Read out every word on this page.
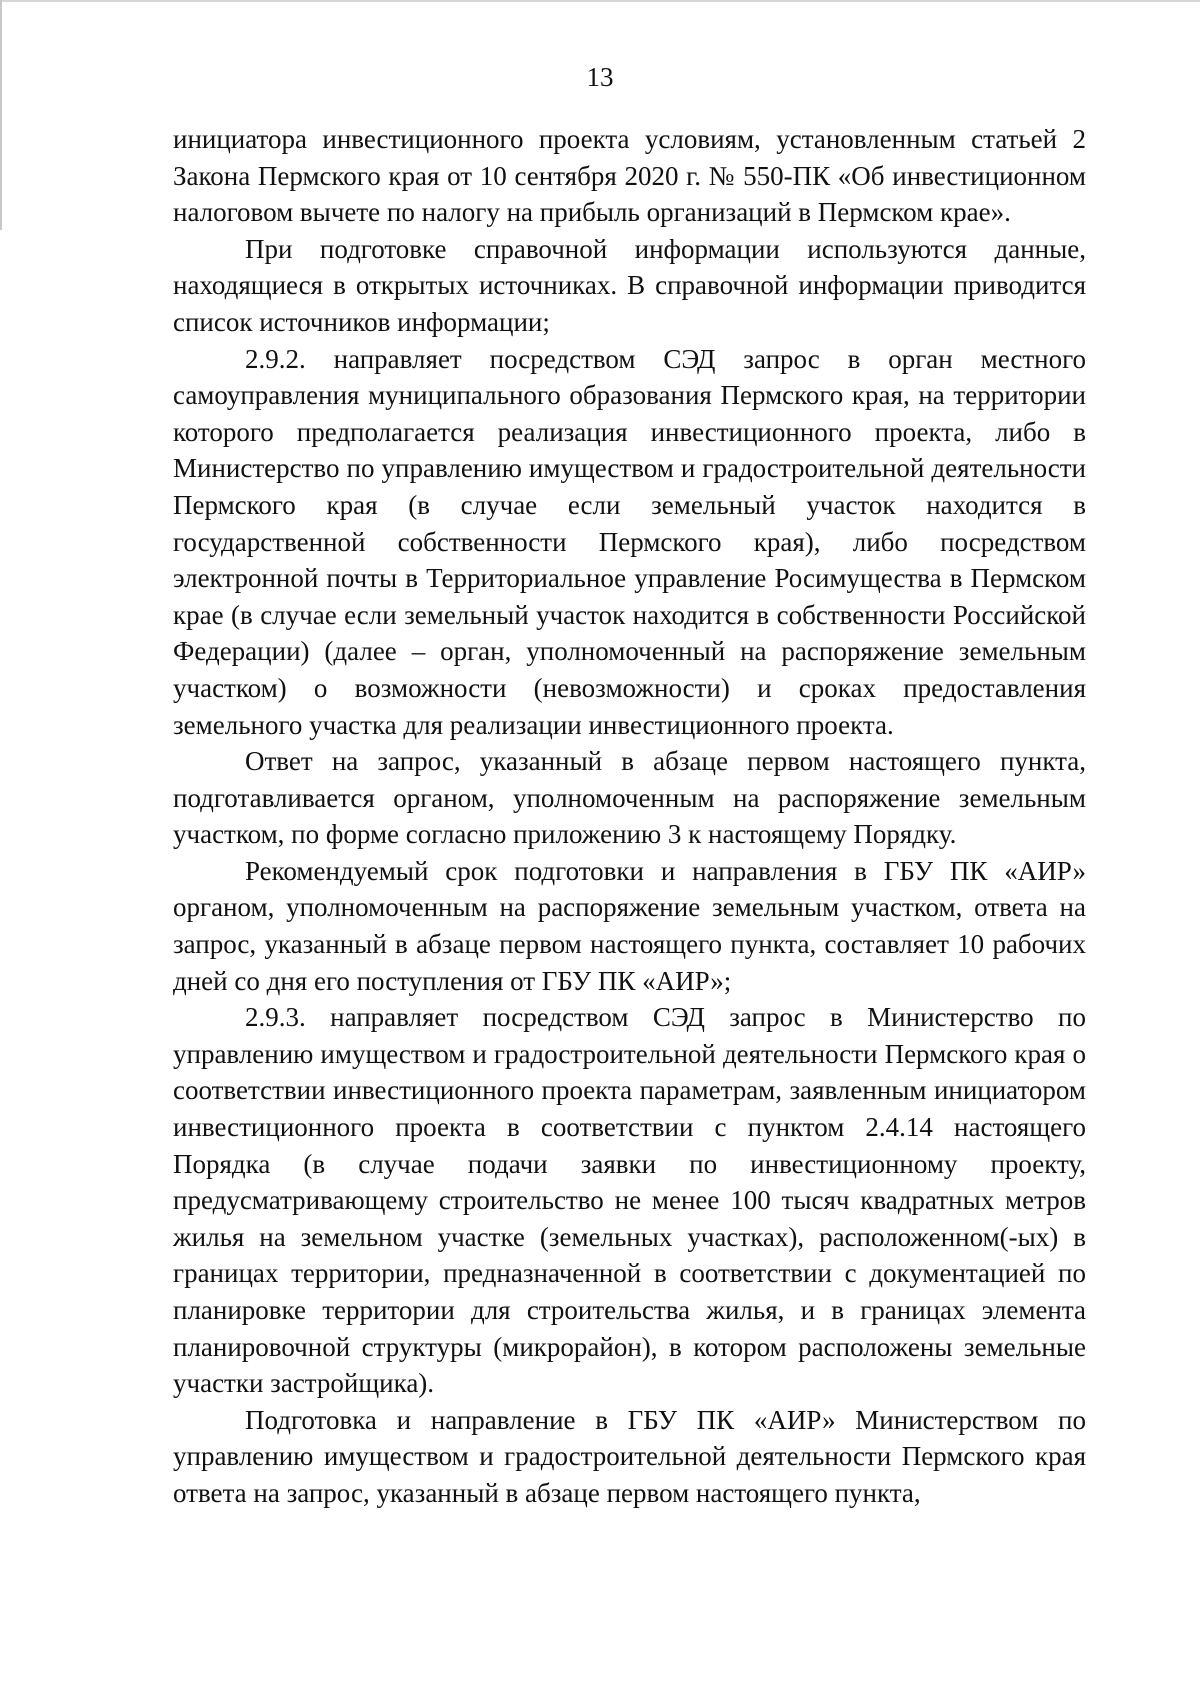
13

инициатора инвестиционного проекта условиям, установленным статьей 2 Закона Пермского края от 10 сентября 2020 г. № 550-ПК «Об инвестиционном налоговом вычете по налогу на прибыль организаций в Пермском крае».

При подготовке справочной информации используются данные, находящиеся в открытых источниках. В справочной информации приводится список источников информации;

2.9.2. направляет посредством СЭД запрос в орган местного самоуправления муниципального образования Пермского края, на территории которого предполагается реализация инвестиционного проекта, либо в Министерство по управлению имуществом и градостроительной деятельности Пермского края (в случае если земельный участок находится в государственной собственности Пермского края), либо посредством электронной почты в Территориальное управление Росимущества в Пермском крае (в случае если земельный участок находится в собственности Российской Федерации) (далее – орган, уполномоченный на распоряжение земельным участком) о возможности (невозможности) и сроках предоставления земельного участка для реализации инвестиционного проекта.

Ответ на запрос, указанный в абзаце первом настоящего пункта, подготавливается органом, уполномоченным на распоряжение земельным участком, по форме согласно приложению 3 к настоящему Порядку.

Рекомендуемый срок подготовки и направления в ГБУ ПК «АИР» органом, уполномоченным на распоряжение земельным участком, ответа на запрос, указанный в абзаце первом настоящего пункта, составляет 10 рабочих дней со дня его поступления от ГБУ ПК «АИР»;

2.9.3. направляет посредством СЭД запрос в Министерство по управлению имуществом и градостроительной деятельности Пермского края о соответствии инвестиционного проекта параметрам, заявленным инициатором инвестиционного проекта в соответствии с пунктом 2.4.14 настоящего Порядка (в случае подачи заявки по инвестиционному проекту, предусматривающему строительство не менее 100 тысяч квадратных метров жилья на земельном участке (земельных участках), расположенном(-ых) в границах территории, предназначенной в соответствии с документацией по планировке территории для строительства жилья, и в границах элемента планировочной структуры (микрорайон), в котором расположены земельные участки застройщика).

Подготовка и направление в ГБУ ПК «АИР» Министерством по управлению имуществом и градостроительной деятельности Пермского края ответа на запрос, указанный в абзаце первом настоящего пункта,
